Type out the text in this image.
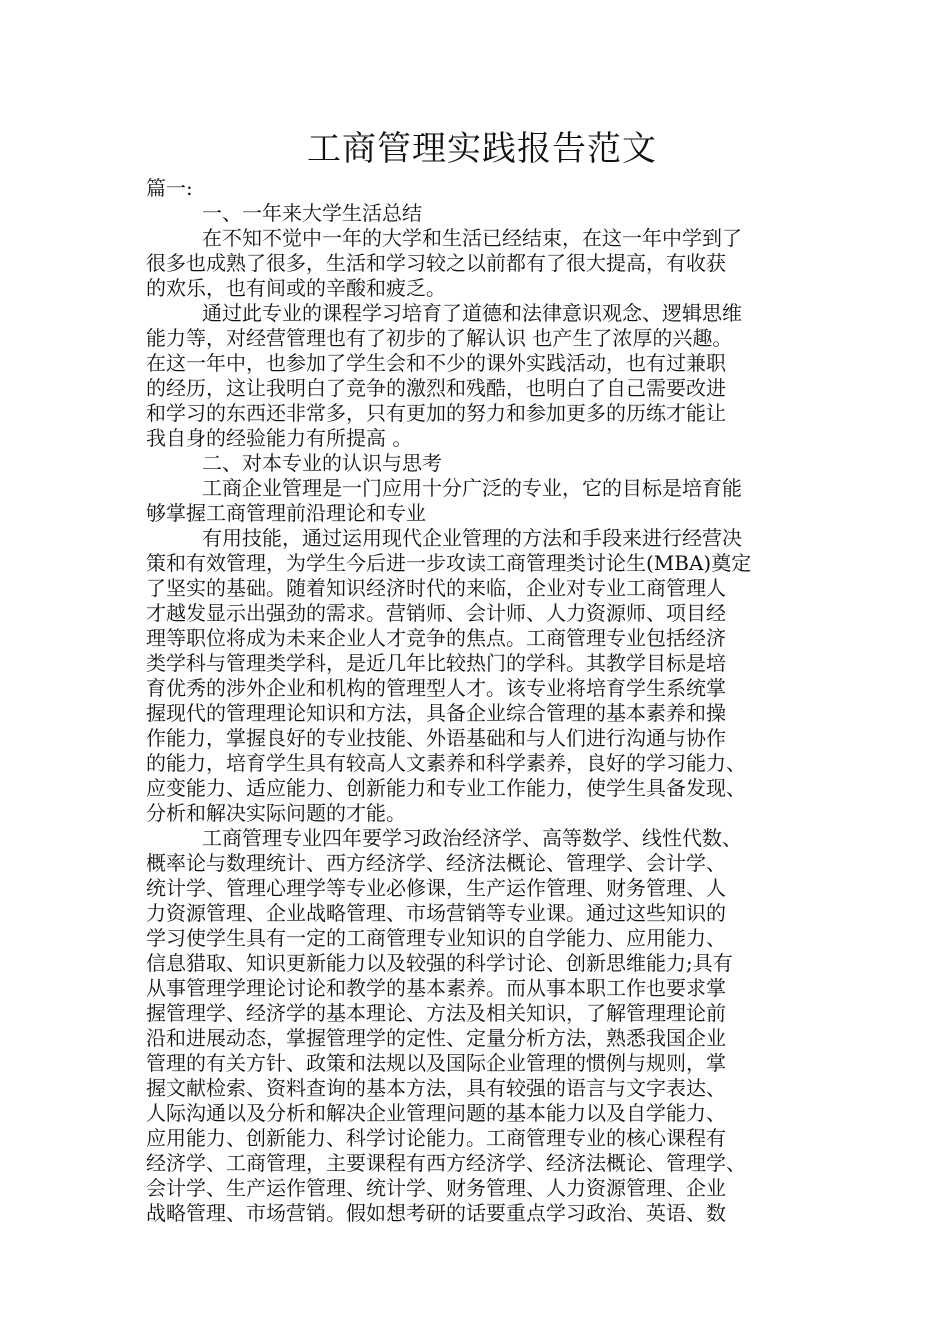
工商管理实践报告范文

篇一:

一、一年来大学生活总结

在不知不觉中一年的大学和生活已经结束，在这一年中学到了
很多也成熟了很多，生活和学习较之以前都有了很大提高，有收获
的欢乐，也有间或的辛酸和疲乏。

通过此专业的课程学习培育了道德和法律意识观念、逻辑思维
能力等，对经营管理也有了初步的了解认识 也产生了浓厚的兴趣。
在这一年中，也参加了学生会和不少的课外实践活动，也有过兼职
的经历，这让我明白了竞争的激烈和残酷，也明白了自己需要改进
和学习的东西还非常多，只有更加的努力和参加更多的历练才能让
我自身的经验能力有所提高 。

二、对本专业的认识与思考

工商企业管理是一门应用十分广泛的专业，它的目标是培育能
够掌握工商管理前沿理论和专业

有用技能，通过运用现代企业管理的方法和手段来进行经营决
策和有效管理，为学生今后进一步攻读工商管理类讨论生(MBA)奠定
了坚实的基础。随着知识经济时代的来临，企业对专业工商管理人
才越发显示出强劲的需求。营销师、会计师、人力资源师、项目经
理等职位将成为未来企业人才竞争的焦点。工商管理专业包括经济
类学科与管理类学科，是近几年比较热门的学科。其教学目标是培
育优秀的涉外企业和机构的管理型人才。该专业将培育学生系统掌
握现代的管理理论知识和方法，具备企业综合管理的基本素养和操
作能力，掌握良好的专业技能、外语基础和与人们进行沟通与协作
的能力，培育学生具有较高人文素养和科学素养，良好的学习能力、
应变能力、适应能力、创新能力和专业工作能力，使学生具备发现、
分析和解决实际问题的才能。

工商管理专业四年要学习政治经济学、高等数学、线性代数、
概率论与数理统计、西方经济学、经济法概论、管理学、会计学、
统计学、管理心理学等专业必修课，生产运作管理、财务管理、人
力资源管理、企业战略管理、市场营销等专业课。通过这些知识的
学习使学生具有一定的工商管理专业知识的自学能力、应用能力、
信息猎取、知识更新能力以及较强的科学讨论、创新思维能力;具有
从事管理学理论讨论和教学的基本素养。而从事本职工作也要求掌
握管理学、经济学的基本理论、方法及相关知识，了解管理理论前
沿和进展动态，掌握管理学的定性、定量分析方法，熟悉我国企业
管理的有关方针、政策和法规以及国际企业管理的惯例与规则，掌
握文献检索、资料查询的基本方法，具有较强的语言与文字表达、
人际沟通以及分析和解决企业管理问题的基本能力以及自学能力、
应用能力、创新能力、科学讨论能力。工商管理专业的核心课程有
经济学、工商管理，主要课程有西方经济学、经济法概论、管理学、
会计学、生产运作管理、统计学、财务管理、人力资源管理、企业
战略管理、市场营销。假如想考研的话要重点学习政治、英语、数
